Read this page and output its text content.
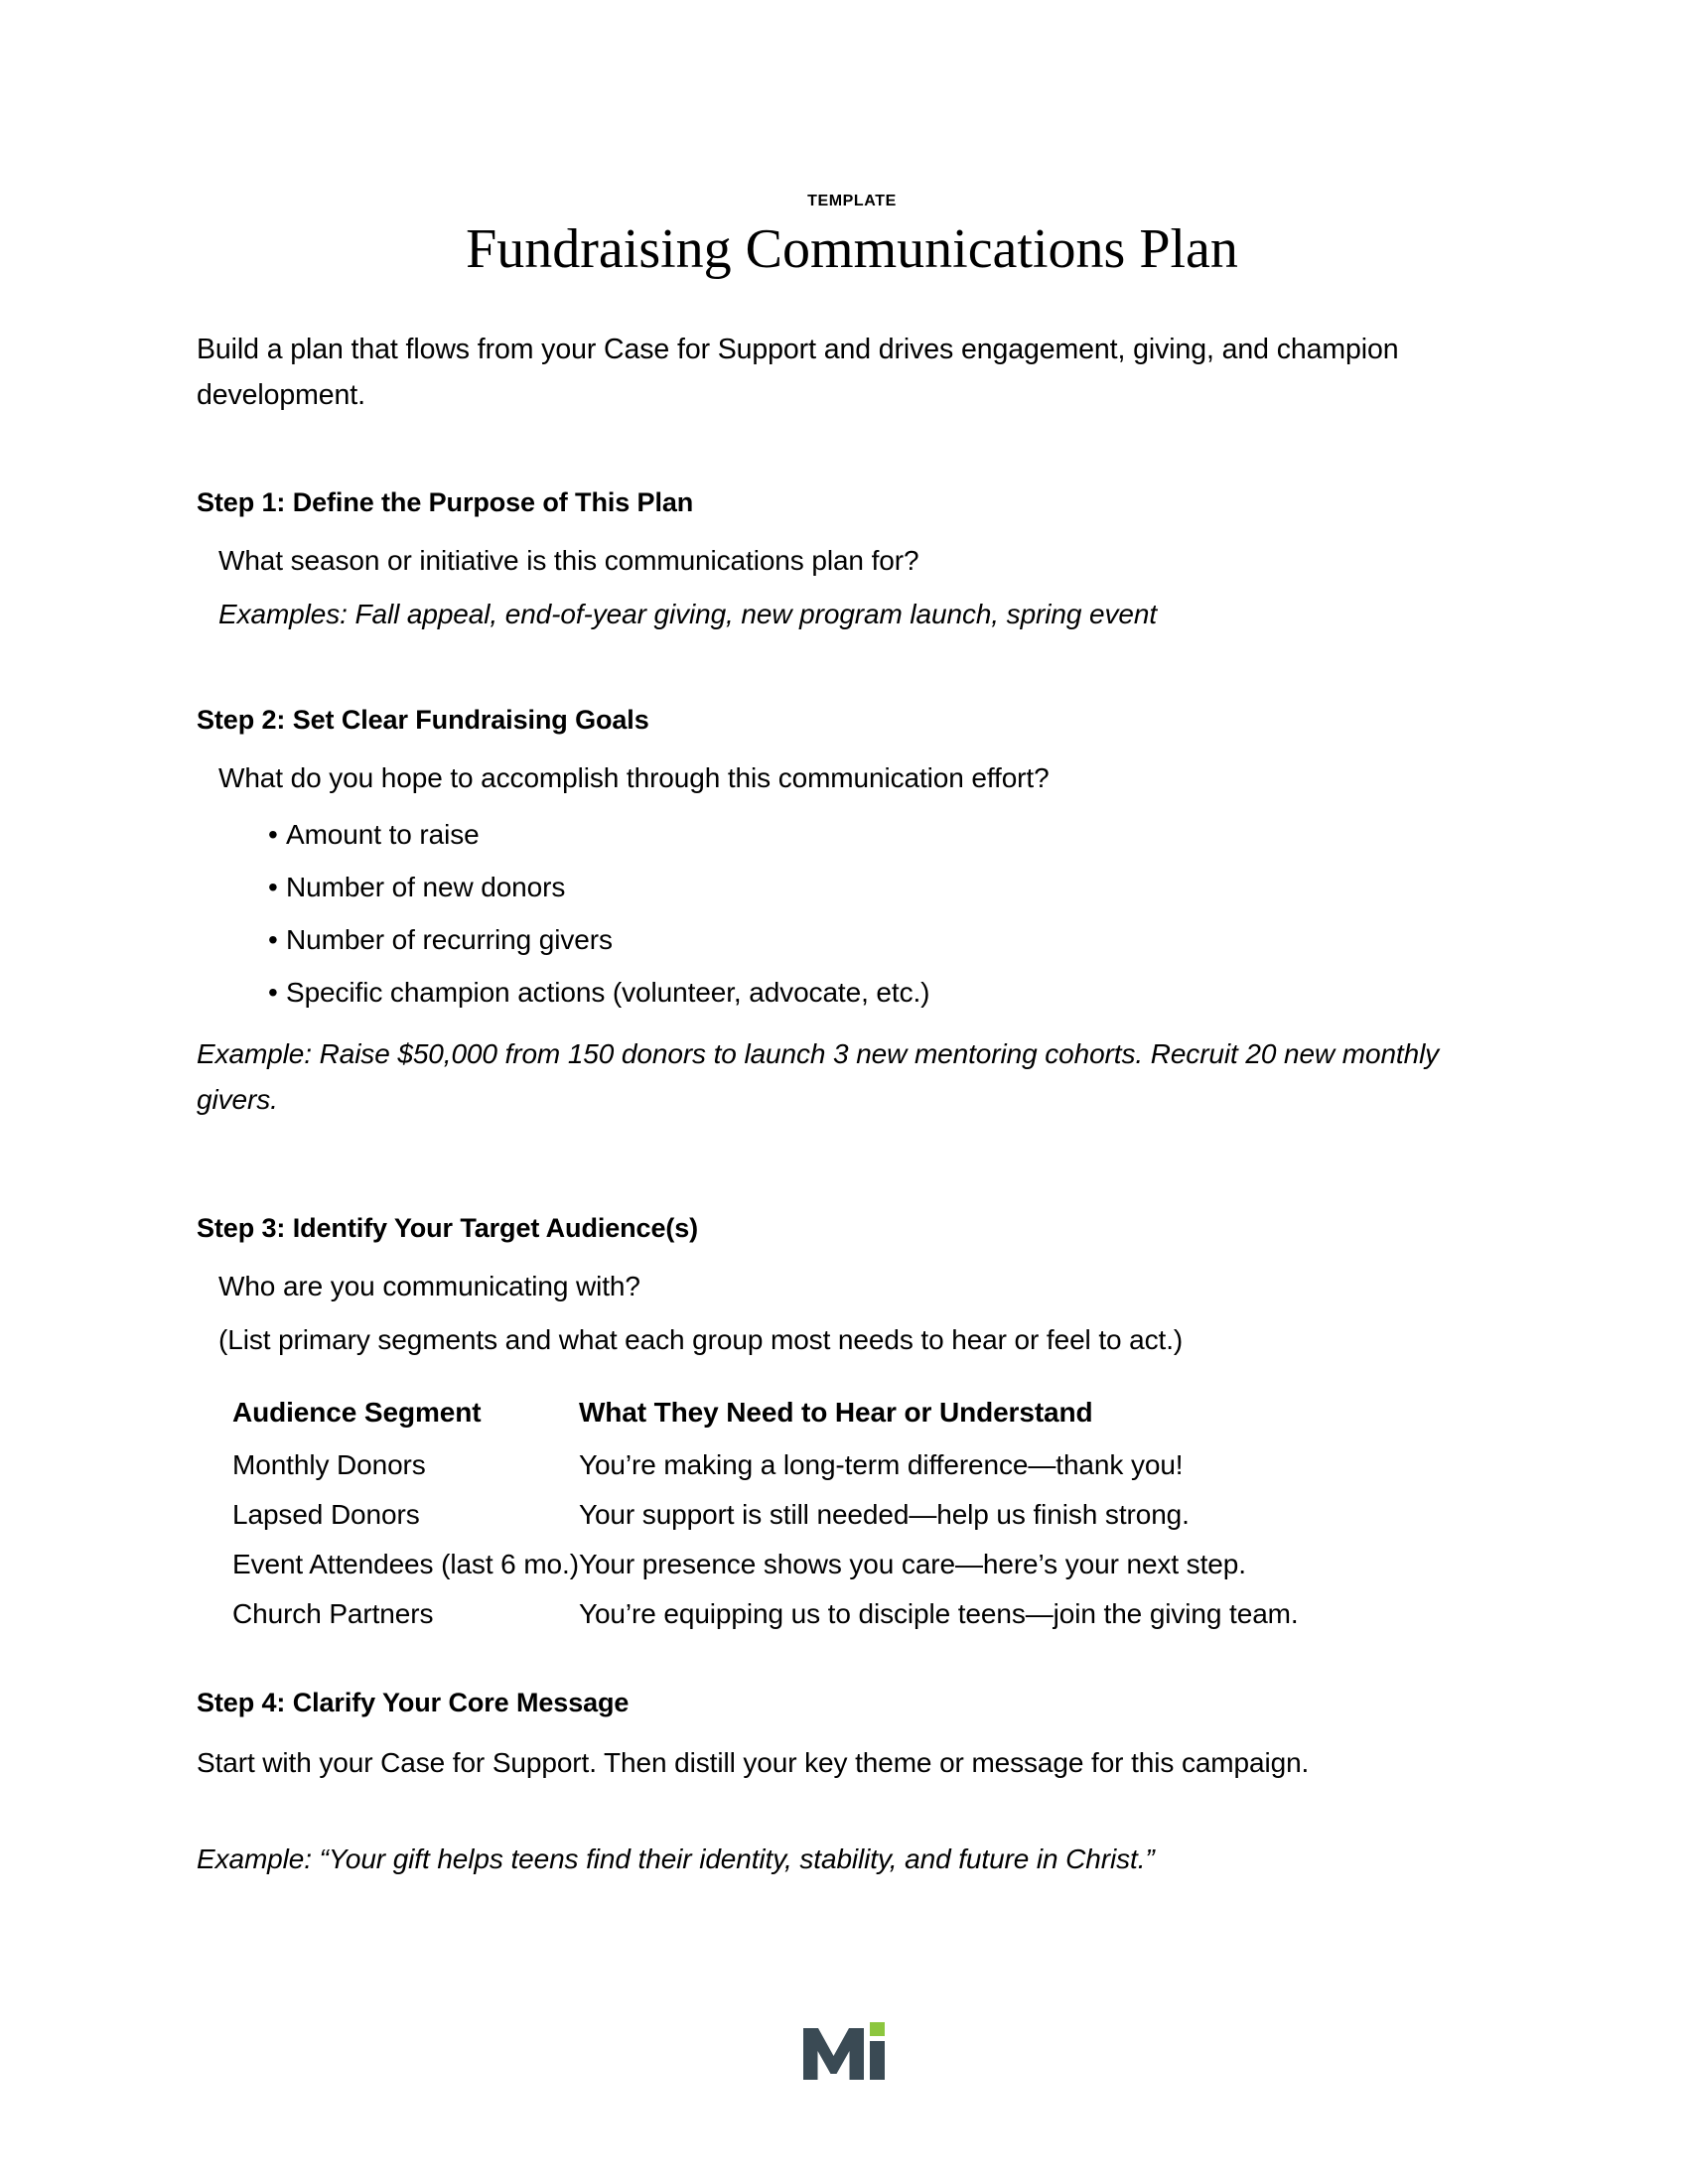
TEMPLATE
Fundraising Communications Plan

Build a plan that flows from your Case for Support and drives engagement, giving, and champion development.

Step 1: Define the Purpose of This Plan

What season or initiative is this communications plan for?

Examples: Fall appeal, end-of-year giving, new program launch, spring event

Step 2: Set Clear Fundraising Goals

What do you hope to accomplish through this communication effort?

• Amount to raise
• Number of new donors
• Number of recurring givers
• Specific champion actions (volunteer, advocate, etc.)

Example: Raise $50,000 from 150 donors to launch 3 new mentoring cohorts. Recruit 20 new monthly givers.

Step 3: Identify Your Target Audience(s)

Who are you communicating with?

(List primary segments and what each group most needs to hear or feel to act.)

Audience Segment	What They Need to Hear or Understand
Monthly Donors	You’re making a long-term difference—thank you!
Lapsed Donors	Your support is still needed—help us finish strong.
Event Attendees (last 6 mo.)	Your presence shows you care—here’s your next step.
Church Partners	You’re equipping us to disciple teens—join the giving team.
Step 4: Clarify Your Core Message

Start with your Case for Support. Then distill your key theme or message for this campaign.

Example: “Your gift helps teens find their identity, stability, and future in Christ.”
